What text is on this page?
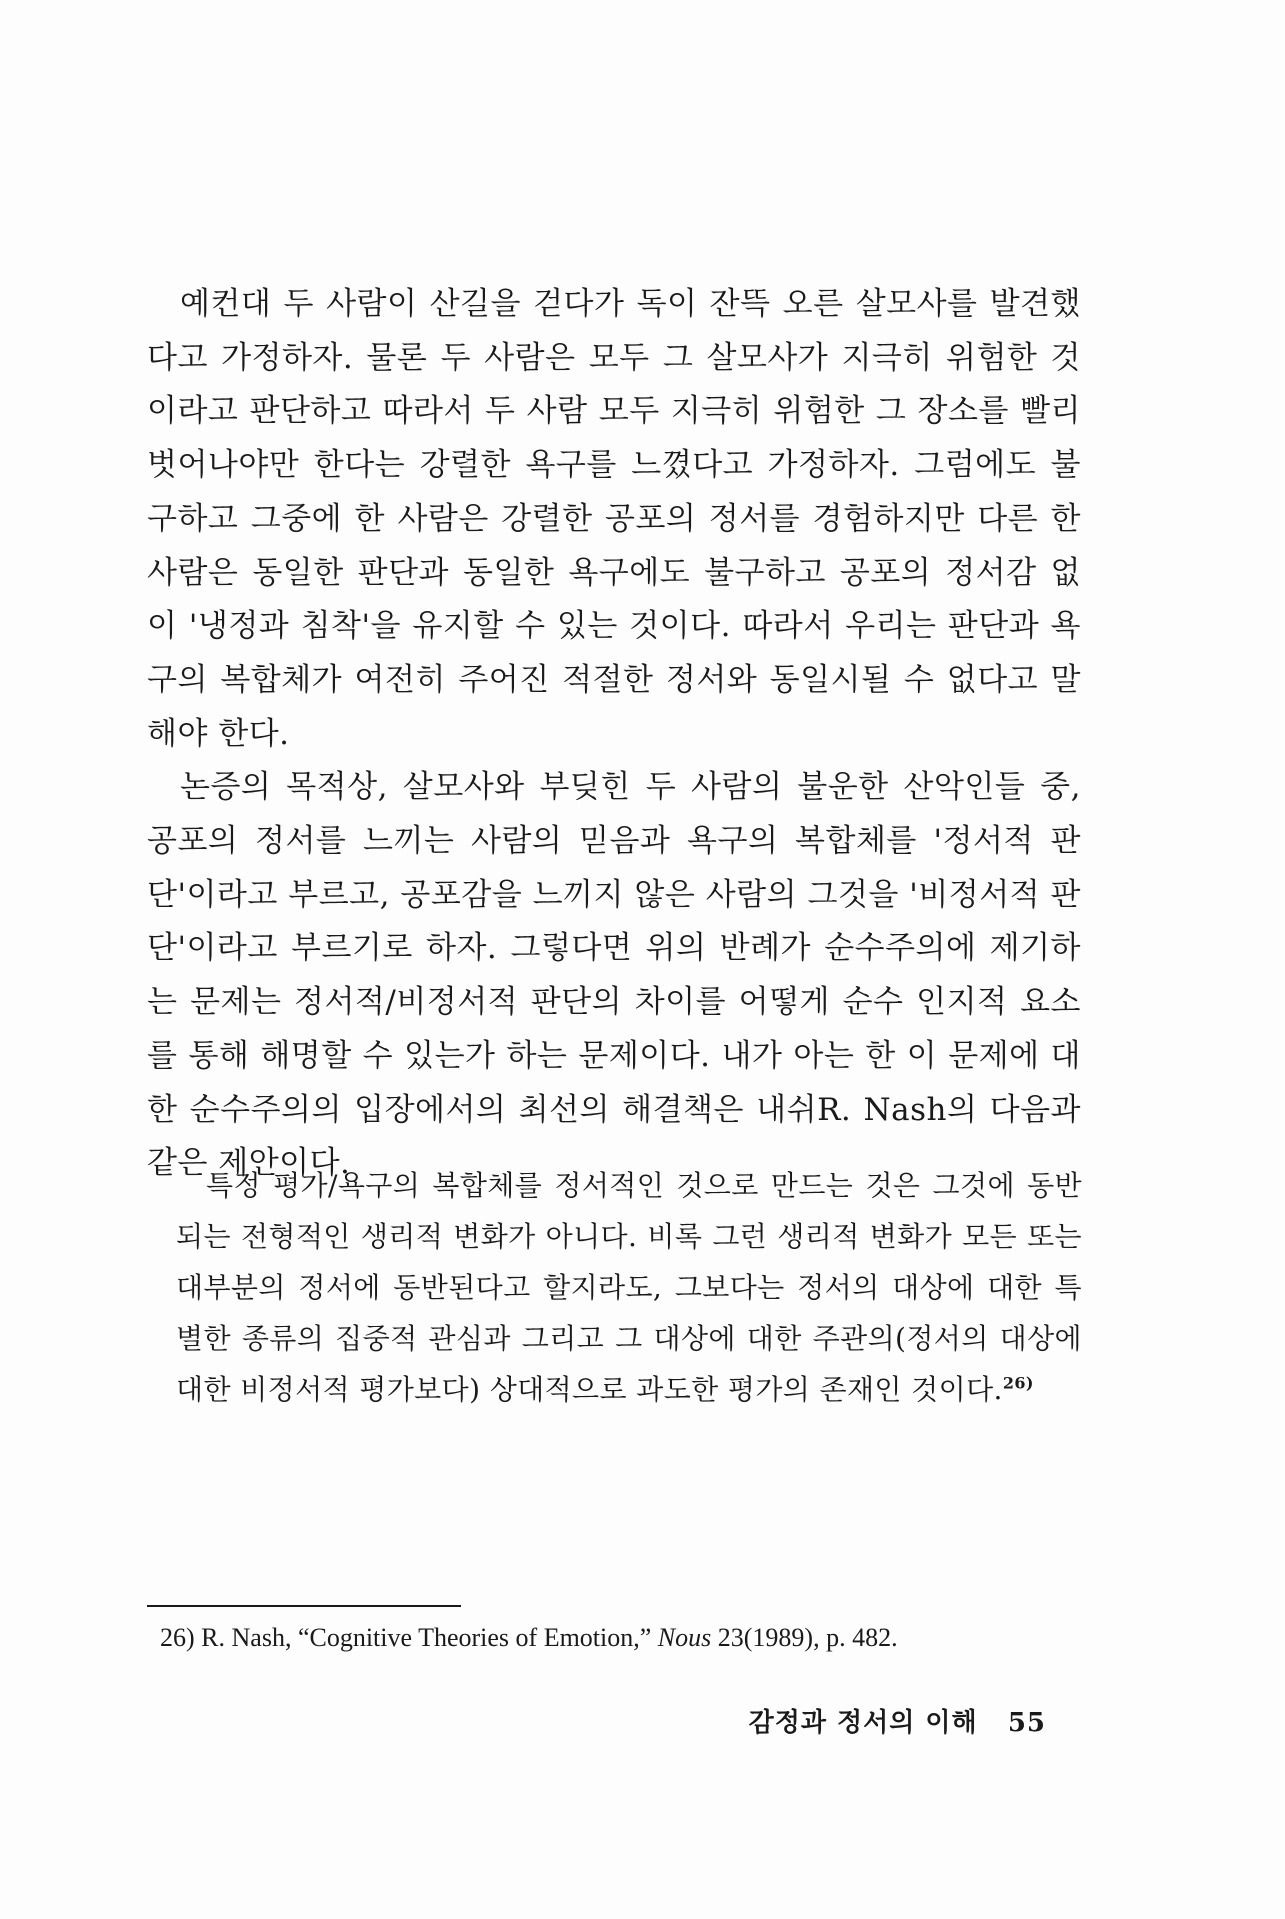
예컨대 두 사람이 산길을 걷다가 독이 잔뜩 오른 살모사를 발견했다고 가정하자. 물론 두 사람은 모두 그 살모사가 지극히 위험한 것이라고 판단하고 따라서 두 사람 모두 지극히 위험한 그 장소를 빨리 벗어나야만 한다는 강렬한 욕구를 느꼈다고 가정하자. 그럼에도 불구하고 그중에 한 사람은 강렬한 공포의 정서를 경험하지만 다른 한 사람은 동일한 판단과 동일한 욕구에도 불구하고 공포의 정서감 없이 '냉정과 침착'을 유지할 수 있는 것이다. 따라서 우리는 판단과 욕구의 복합체가 여전히 주어진 적절한 정서와 동일시될 수 없다고 말해야 한다.

논증의 목적상, 살모사와 부딪힌 두 사람의 불운한 산악인들 중, 공포의 정서를 느끼는 사람의 믿음과 욕구의 복합체를 '정서적 판단'이라고 부르고, 공포감을 느끼지 않은 사람의 그것을 '비정서적 판단'이라고 부르기로 하자. 그렇다면 위의 반례가 순수주의에 제기하는 문제는 정서적/비정서적 판단의 차이를 어떻게 순수 인지적 요소를 통해 해명할 수 있는가 하는 문제이다. 내가 아는 한 이 문제에 대한 순수주의의 입장에서의 최선의 해결책은 내쉬R. Nash의 다음과 같은 제안이다.

특정 평가/욕구의 복합체를 정서적인 것으로 만드는 것은 그것에 동반되는 전형적인 생리적 변화가 아니다. 비록 그런 생리적 변화가 모든 또는 대부분의 정서에 동반된다고 할지라도, 그보다는 정서의 대상에 대한 특별한 종류의 집중적 관심과 그리고 그 대상에 대한 주관의(정서의 대상에 대한 비정서적 평가보다) 상대적으로 과도한 평가의 존재인 것이다.$^{26)}$

26) R. Nash, “Cognitive Theories of Emotion,” Nous 23(1989), p. 482.
감정과 정서의 이해 55
